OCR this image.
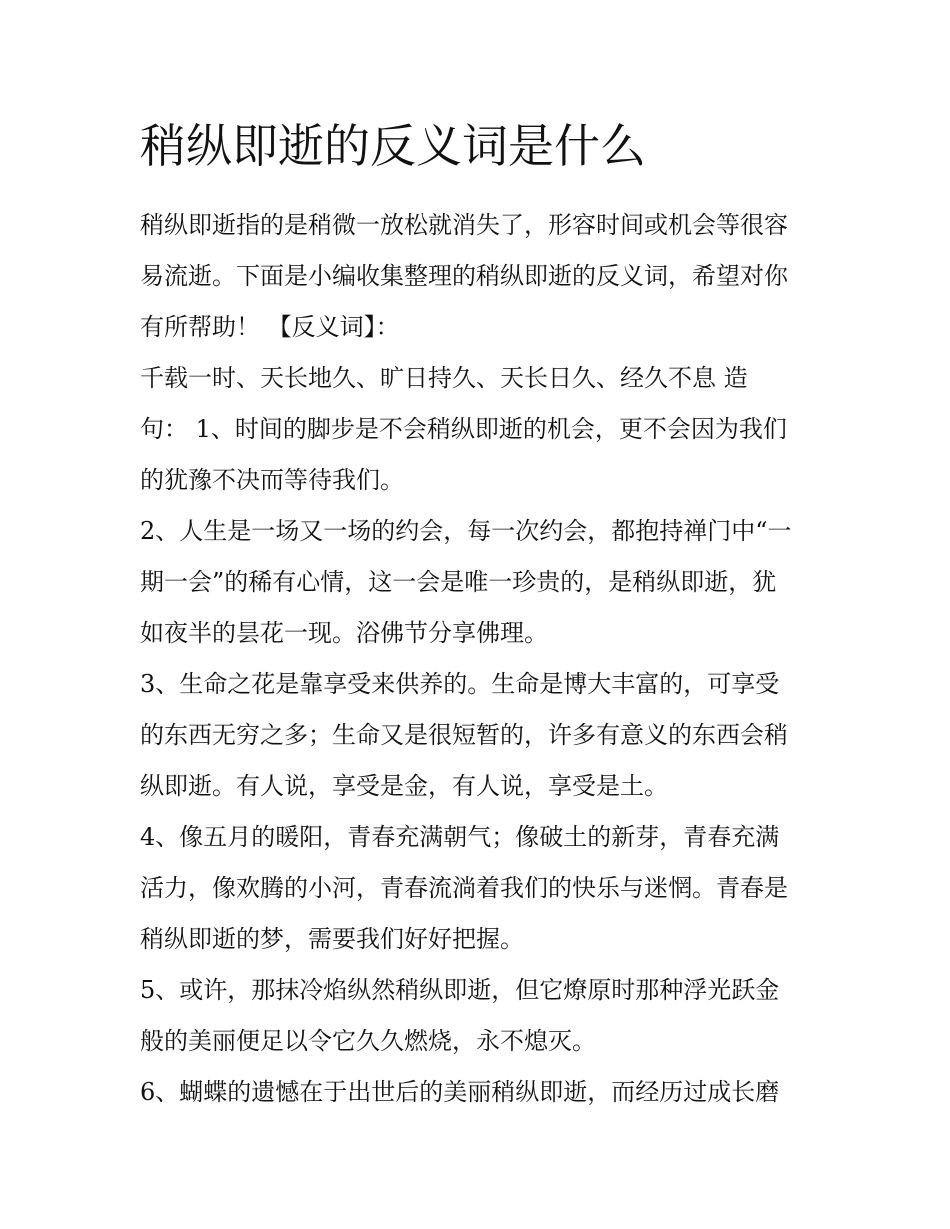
稍纵即逝的反义词是什么
稍纵即逝指的是稍微一放松就消失了，形容时间或机会等很容
易流逝。下面是小编收集整理的稍纵即逝的反义词，希望对你
有所帮助！ 【反义词】：
千载一时、天长地久、旷日持久、天长日久、经久不息 造
句： 1、时间的脚步是不会稍纵即逝的机会，更不会因为我们
的犹豫不决而等待我们。
2、人生是一场又一场的约会，每一次约会，都抱持禅门中“一
期一会”的稀有心情，这一会是唯一珍贵的，是稍纵即逝，犹
如夜半的昙花一现。浴佛节分享佛理。
3、生命之花是靠享受来供养的。生命是博大丰富的，可享受
的东西无穷之多；生命又是很短暂的，许多有意义的东西会稍
纵即逝。有人说，享受是金，有人说，享受是土。
4、像五月的暖阳，青春充满朝气；像破土的新芽，青春充满
活力，像欢腾的小河，青春流淌着我们的快乐与迷惘。青春是
稍纵即逝的梦，需要我们好好把握。
5、或许，那抹冷焰纵然稍纵即逝，但它燎原时那种浮光跃金
般的美丽便足以令它久久燃烧，永不熄灭。
6、蝴蝶的遗憾在于出世后的美丽稍纵即逝，而经历过成长磨
